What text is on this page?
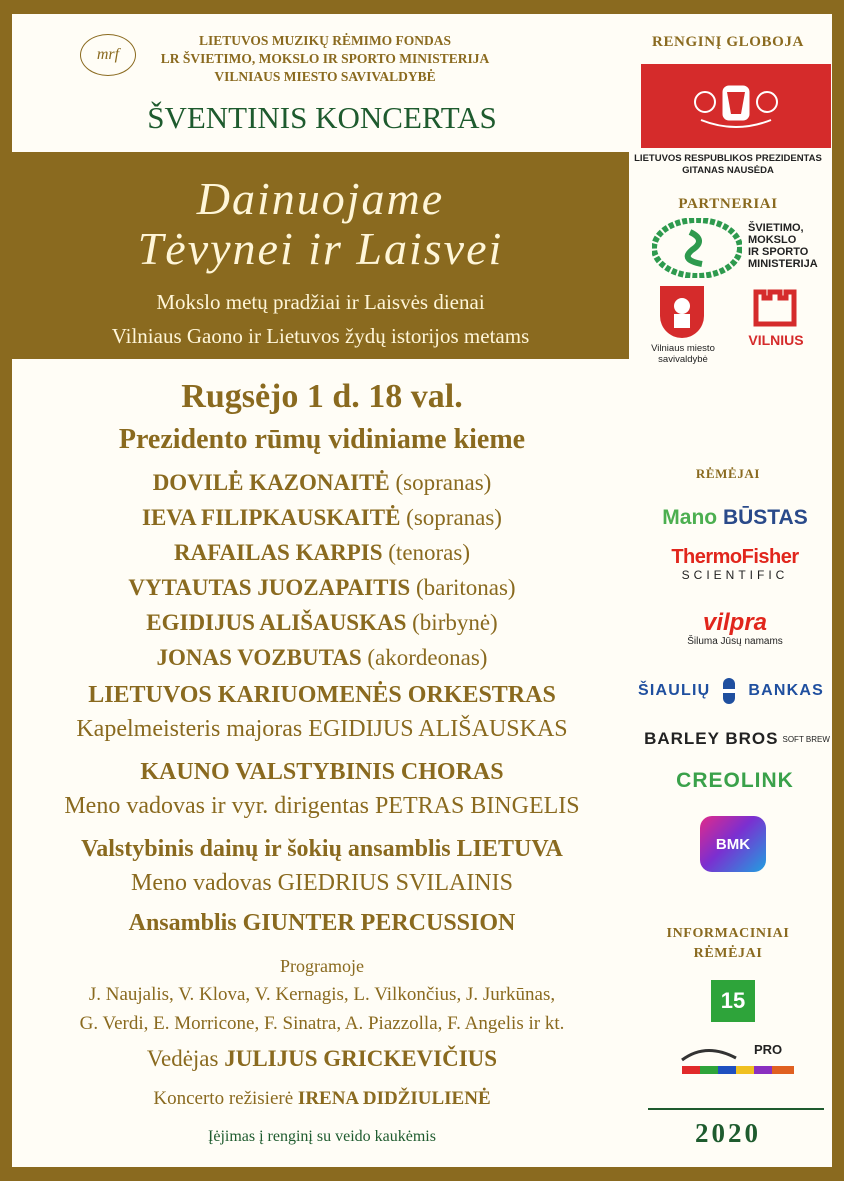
mrf
LIETUVOS MUZIKŲ RĖMIMO FONDAS
LR ŠVIETIMO, MOKSLO IR SPORTO MINISTERIJA
VILNIAUS MIESTO SAVIVALDYBĖ
ŠVENTINIS KONCERTAS
Dainuojame
Tėvynei ir Laisvei
Mokslo metų pradžiai ir Laisvės dienai
Vilniaus Gaono ir Lietuvos žydų istorijos metams
Rugsėjo 1 d. 18 val.
Prezidento rūmų vidiniame kieme
DOVILĖ KAZONAITĖ (sopranas)
IEVA FILIPKAUSKAITĖ (sopranas)
RAFAILAS KARPIS (tenoras)
VYTAUTAS JUOZAPAITIS (baritonas)
EGIDIJUS ALIŠAUSKAS (birbynė)
JONAS VOZBUTAS (akordeonas)
LIETUVOS KARIUOMENĖS ORKESTRAS
Kapelmeisteris majoras EGIDIJUS ALIŠAUSKAS
KAUNO VALSTYBINIS CHORAS
Meno vadovas ir vyr. dirigentas PETRAS BINGELIS
Valstybinis dainų ir šokių ansamblis LIETUVA
Meno vadovas GIEDRIUS SVILAINIS
Ansamblis GIUNTER PERCUSSION
Programoje
J. Naujalis, V. Klova, V. Kernagis, L. Vilkončius, J. Jurkūnas,
G. Verdi, E. Morricone, F. Sinatra, A. Piazzolla, F. Angelis ir kt.
Vedėjas JULIJUS GRICKEVIČIUS
Koncerto režisierė IRENA DIDŽIULIENĖ
Įėjimas į renginį su veido kaukėmis
RENGINĮ GLOBOJA
LIETUVOS RESPUBLIKOS PREZIDENTAS
GITANAS NAUSĖDA
PARTNERIAI
ŠVIETIMO,
MOKSLO
IR SPORTO
MINISTERIJA
Vilniaus miesto
savivaldybė
VILNIUS
RĖMĖJAI
Mano
BŪSTAS
ThermoFisher
SCIENTIFIC
vilpra
Šiluma Jūsų namams
ŠIAULIŲ BANKAS
BARLEY BROS SOFT BREW
CREOLINK
BMK
INFORMACINIAI
RĖMĖJAI
15
PRO
2020
